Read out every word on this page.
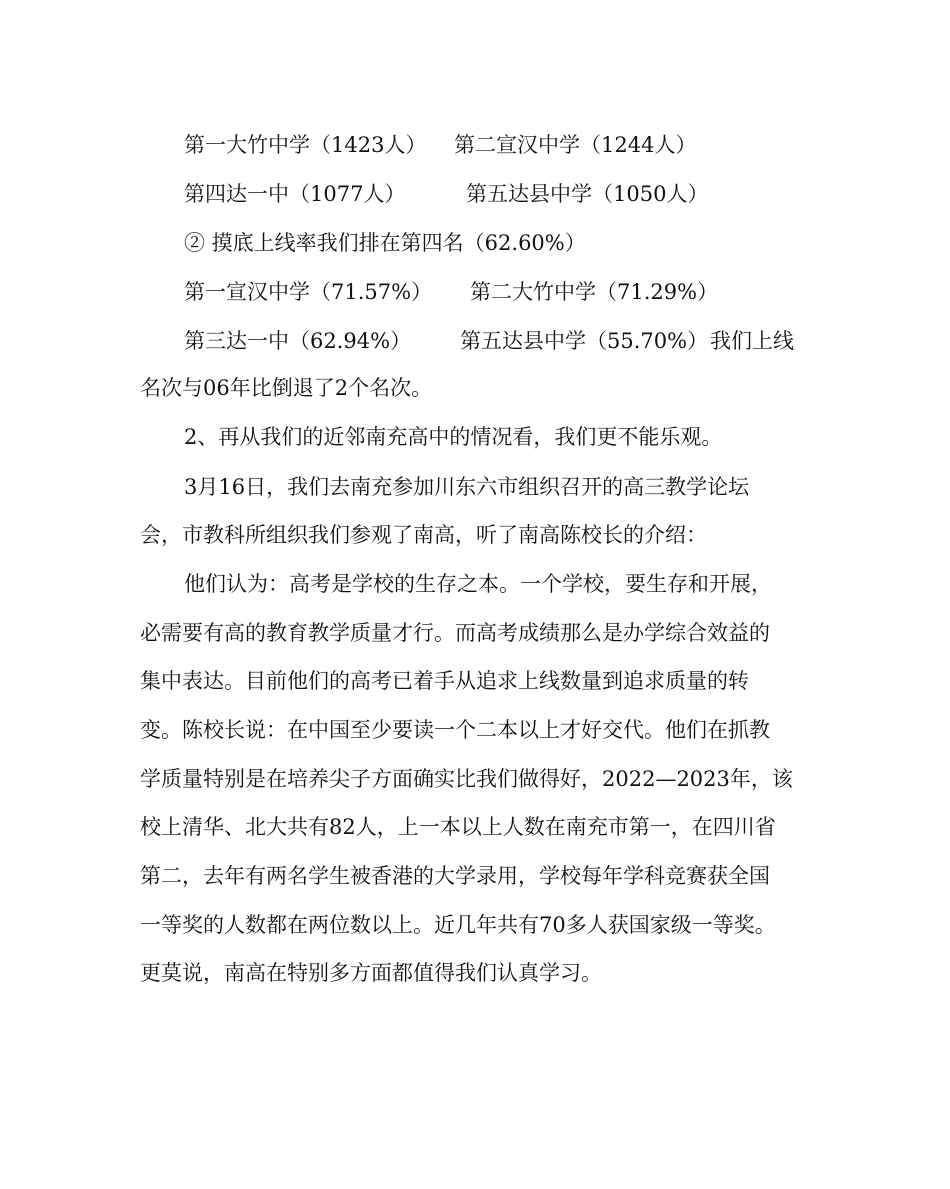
第一大竹中学（1423人） 第二宣汉中学（1244人）
第四达一中（1077人）	第五达县中学（1050人）
② 摸底上线率我们排在第四名（62.60%）
第一宣汉中学（71.57%） 第二大竹中学（71.29%）
第三达一中（62.94%） 第五达县中学（55.70%） 我们上线
名次与06年比倒退了2个名次。
2、再从我们的近邻南充高中的情况看，我们更不能乐观。
3月16日，我们去南充参加川东六市组织召开的高三教学论坛
会，市教科所组织我们参观了南高，听了南高陈校长的介绍：
他们认为：高考是学校的生存之本。一个学校，要生存和开展，
必需要有高的教育教学质量才行。而高考成绩那么是办学综合效益的
集中表达。目前他们的高考已着手从追求上线数量到追求质量的转
变。陈校长说：在中国至少要读一个二本以上才好交代。他们在抓教
学质量特别是在培养尖子方面确实比我们做得好，2022—2023年，该
校上清华、北大共有82人，上一本以上人数在南充市第一，在四川省
第二，去年有两名学生被香港的大学录用，学校每年学科竞赛获全国
一等奖的人数都在两位数以上。近几年共有70多人获国家级一等奖。
更莫说，南高在特别多方面都值得我们认真学习。
